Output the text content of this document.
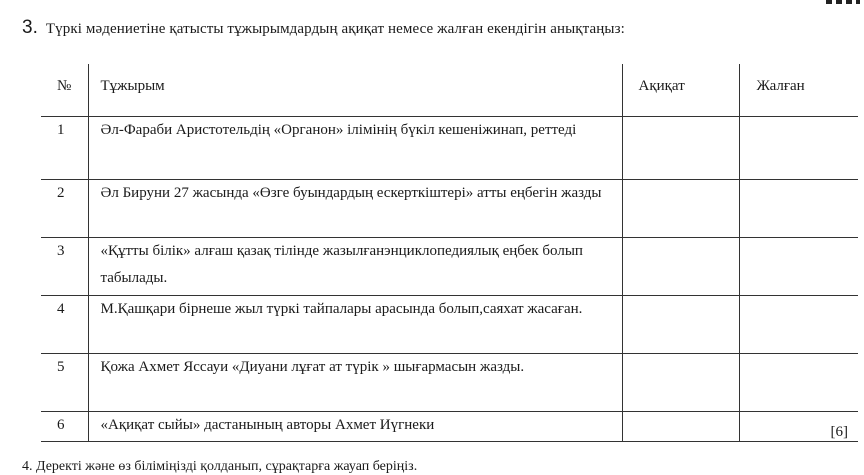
3. Түркі мәдениетіне қатысты тұжырымдардың ақиқат немесе жалған екендігін анықтаңыз:
№	Тұжырым	Ақиқат	Жалған
1	Әл-Фараби Аристотельдің «Органон» ілімінің бүкіл кешеніжинап, реттеді		
2	Әл Бируни 27 жасында «Өзге буындардың ескерткіштері» атты еңбегін жазды		
3	«Құтты білік» алғаш қазақ тілінде жазылғанэнциклопедиялық еңбек болып табылады.		
4	М.Қашқари бірнеше жыл түркі тайпалары арасында болып,саяхат жасаған.		
5	Қожа Ахмет Яссауи «Диуани лұғат ат түрік » шығармасын жазды.		
6	«Ақиқат сыйы» дастанының авторы Ахмет Иүгнеки		[6]
4. Деректі және өз біліміңізді қолданып, сұрақтарға жауап беріңіз.
